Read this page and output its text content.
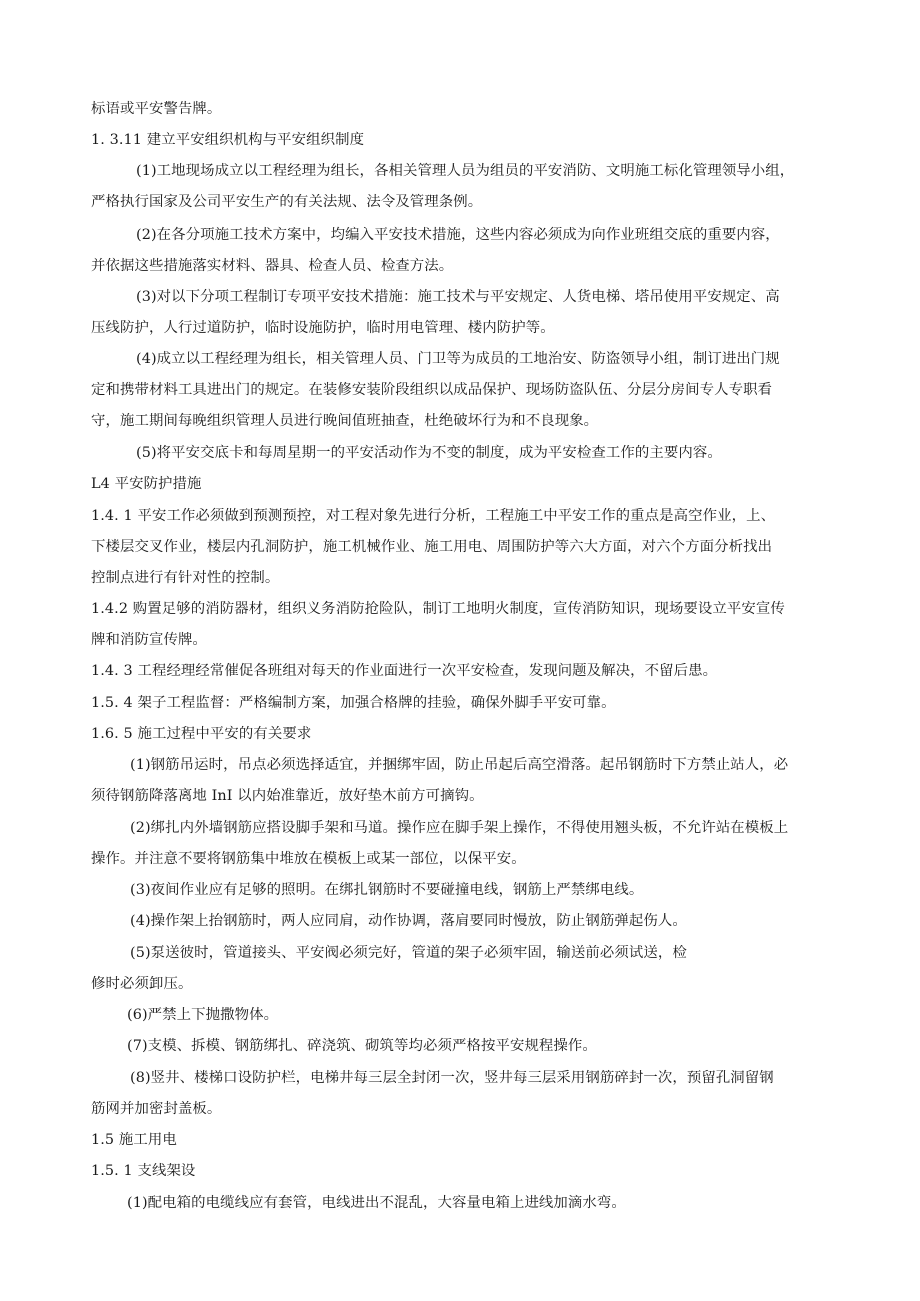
标语或平安警告牌。
1. 3.11 建立平安组织机构与平安组织制度
(1)工地现场成立以工程经理为组长，各相关管理人员为组员的平安消防、文明施工标化管理领导小组，
严格执行国家及公司平安生产的有关法规、法令及管理条例。
(2)在各分项施工技术方案中，均编入平安技术措施，这些内容必须成为向作业班组交底的重要内容，
并依据这些措施落实材料、器具、检查人员、检查方法。
(3)对以下分项工程制订专项平安技术措施：施工技术与平安规定、人货电梯、塔吊使用平安规定、高
压线防护，人行过道防护，临时设施防护，临时用电管理、楼内防护等。
(4)成立以工程经理为组长，相关管理人员、门卫等为成员的工地治安、防盗领导小组，制订进出门规
定和携带材料工具进出门的规定。在装修安装阶段组织以成品保护、现场防盗队伍、分层分房间专人专职看
守，施工期间每晚组织管理人员进行晚间值班抽查，杜绝破坏行为和不良现象。
(5)将平安交底卡和每周星期一的平安活动作为不变的制度，成为平安检查工作的主要内容。
L4 平安防护措施
1.4. 1 平安工作必须做到预测预控，对工程对象先进行分析，工程施工中平安工作的重点是高空作业，上、
下楼层交叉作业，楼层内孔洞防护，施工机械作业、施工用电、周围防护等六大方面，对六个方面分析找出
控制点进行有针对性的控制。
1.4.2 购置足够的消防器材，组织义务消防抢险队，制订工地明火制度，宣传消防知识，现场要设立平安宣传
牌和消防宣传牌。
1.4. 3 工程经理经常催促各班组对每天的作业面进行一次平安检查，发现问题及解决，不留后患。
1.5. 4 架子工程监督：严格编制方案，加强合格牌的挂验，确保外脚手平安可靠。
1.6. 5 施工过程中平安的有关要求
(1)钢筋吊运时，吊点必须选择适宜，并捆绑牢固，防止吊起后高空滑落。起吊钢筋时下方禁止站人，必
须待钢筋降落离地 InI 以内始准靠近，放好垫木前方可摘钩。
(2)绑扎内外墙钢筋应搭设脚手架和马道。操作应在脚手架上操作，不得使用翘头板，不允许站在模板上
操作。并注意不要将钢筋集中堆放在模板上或某一部位，以保平安。
(3)夜间作业应有足够的照明。在绑扎钢筋时不要碰撞电线，钢筋上严禁绑电线。
(4)操作架上抬钢筋时，两人应同肩，动作协调，落肩要同时慢放，防止钢筋弹起伤人。
(5)泵送彼时，管道接头、平安阀必须完好，管道的架子必须牢固，输送前必须试送，检
修时必须卸压。
(6)严禁上下抛撒物体。
(7)支模、拆模、钢筋绑扎、碎浇筑、砌筑等均必须严格按平安规程操作。
(8)竖井、楼梯口设防护栏，电梯井每三层全封闭一次，竖井每三层采用钢筋碎封一次，预留孔洞留钢
筋网并加密封盖板。
1.5 施工用电
1.5. 1 支线架设
(1)配电箱的电缆线应有套管，电线进出不混乱，大容量电箱上进线加滴水弯。
